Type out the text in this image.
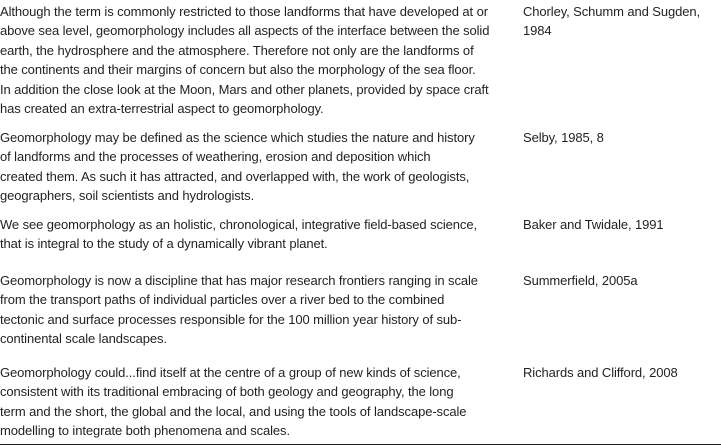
Although the term is commonly restricted to those landforms that have developed at or
above sea level, geomorphology includes all aspects of the interface between the solid
earth, the hydrosphere and the atmosphere. Therefore not only are the landforms of
the continents and their margins of concern but also the morphology of the sea floor.
In addition the close look at the Moon, Mars and other planets, provided by space craft
has created an extra-terrestrial aspect to geomorphology.

Chorley, Schumm and Sugden,
1984

Geomorphology may be defined as the science which studies the nature and history
of landforms and the processes of weathering, erosion and deposition which
created them. As such it has attracted, and overlapped with, the work of geologists,
geographers, soil scientists and hydrologists.

Selby, 1985, 8

We see geomorphology as an holistic, chronological, integrative field-based science,
that is integral to the study of a dynamically vibrant planet.

Baker and Twidale, 1991

Geomorphology is now a discipline that has major research frontiers ranging in scale
from the transport paths of individual particles over a river bed to the combined
tectonic and surface processes responsible for the 100 million year history of sub-
continental scale landscapes.

Summerfield, 2005a

Geomorphology could...find itself at the centre of a group of new kinds of science,
consistent with its traditional embracing of both geology and geography, the long
term and the short, the global and the local, and using the tools of landscape-scale
modelling to integrate both phenomena and scales.

Richards and Clifford, 2008
